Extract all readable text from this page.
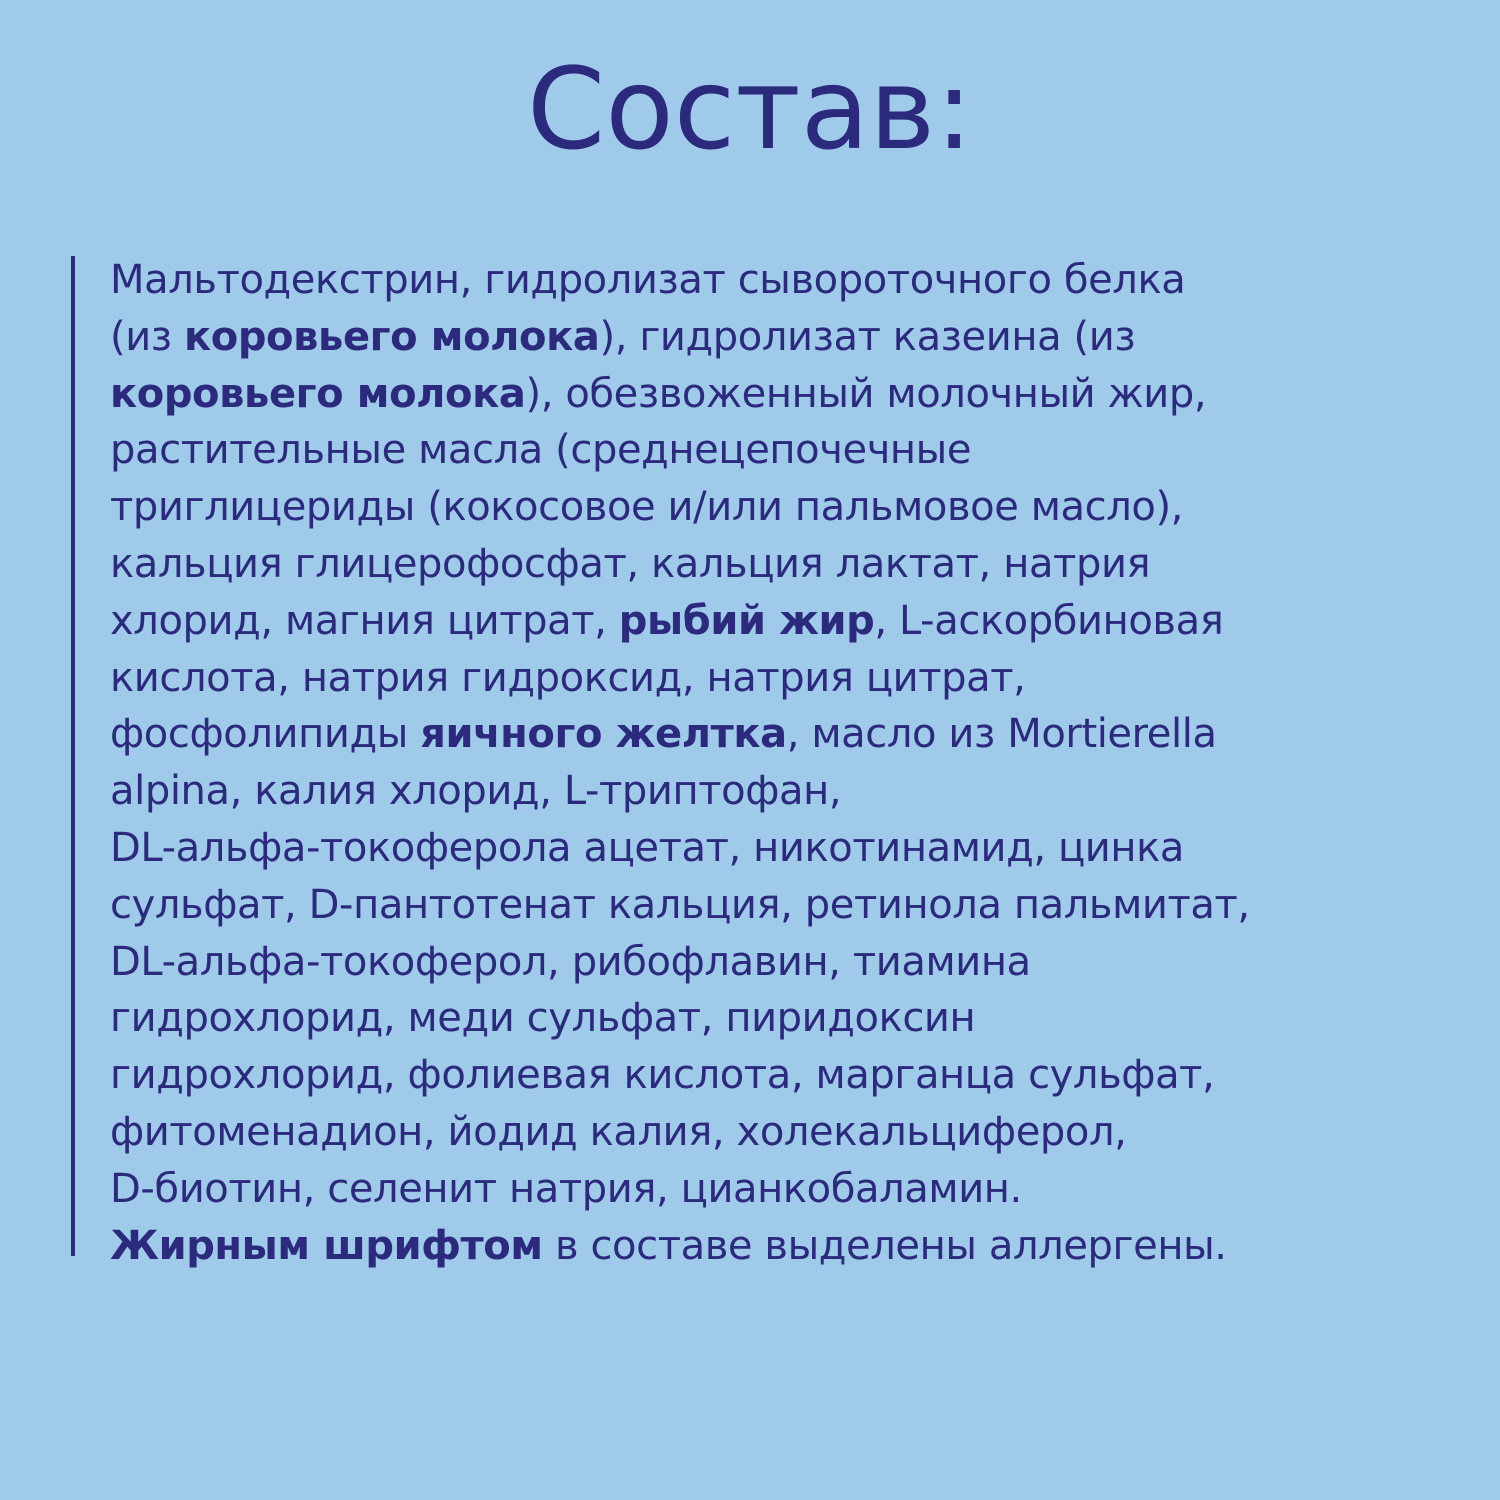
Состав:
Мальтодекстрин, гидролизат сывороточного белка
(из коровьего молока), гидролизат казеина (из
коровьего молока), обезвоженный молочный жир,
растительные масла (среднецепочечные
триглицериды (кокосовое и/или пальмовое масло),
кальция глицерофосфат, кальция лактат, натрия
хлорид, магния цитрат, рыбий жир, L-аскорбиновая
кислота, натрия гидроксид, натрия цитрат,
фосфолипиды яичного желтка, масло из Mortierella
alpina, калия хлорид, L-триптофан,
DL-альфа-токоферола ацетат, никотинамид, цинка
сульфат, D-пантотенат кальция, ретинола пальмитат,
DL-альфа-токоферол, рибофлавин, тиамина
гидрохлорид, меди сульфат, пиридоксин
гидрохлорид, фолиевая кислота, марганца сульфат,
фитоменадион, йодид калия, холекальциферол,
D-биотин, селенит натрия, цианкобаламин.
Жирным шрифтом в составе выделены аллергены.
